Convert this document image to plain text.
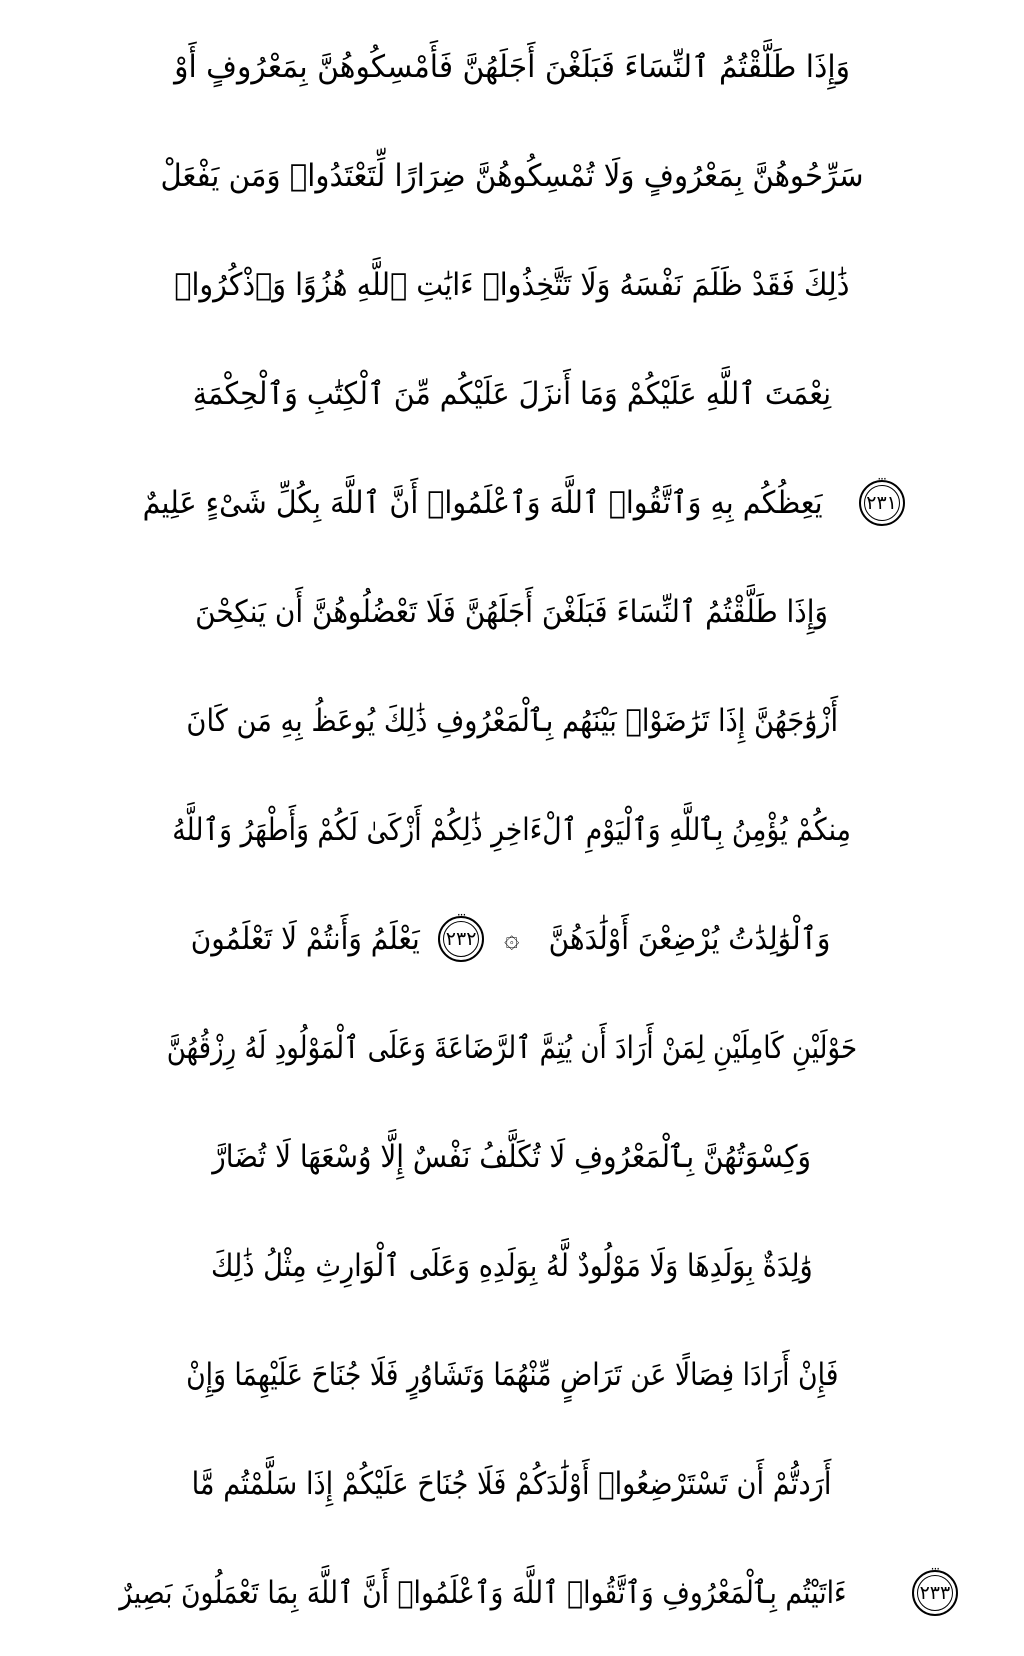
وَإِذَا طَلَّقْتُمُ ٱلنِّسَاءَ فَبَلَغْنَ أَجَلَهُنَّ فَأَمْسِكُوهُنَّ بِمَعْرُوفٍ أَوْ
سَرِّحُوهُنَّ بِمَعْرُوفٍ وَلَا تُمْسِكُوهُنَّ ضِرَارًا لِّتَعْتَدُوا۟ وَمَن يَفْعَلْ
ذَٰلِكَ فَقَدْ ظَلَمَ نَفْسَهُ وَلَا تَتَّخِذُوا۟ ءَايَٰتِ ٱللَّهِ هُزُوًا وَٱذْكُرُوا۟
نِعْمَتَ ٱللَّهِ عَلَيْكُمْ وَمَا أَنزَلَ عَلَيْكُم مِّنَ ٱلْكِتَٰبِ وَٱلْحِكْمَةِ
···
٢٣١
يَعِظُكُم بِهِ وَٱتَّقُوا۟ ٱللَّهَ وَٱعْلَمُوا۟ أَنَّ ٱللَّهَ بِكُلِّ شَىْءٍ عَلِيمٌ
وَإِذَا طَلَّقْتُمُ ٱلنِّسَاءَ فَبَلَغْنَ أَجَلَهُنَّ فَلَا تَعْضُلُوهُنَّ أَن يَنكِحْنَ
أَزْوَٰجَهُنَّ إِذَا تَرَٰضَوْا۟ بَيْنَهُم بِٱلْمَعْرُوفِ ذَٰلِكَ يُوعَظُ بِهِ مَن كَانَ
مِنكُمْ يُؤْمِنُ بِٱللَّهِ وَٱلْيَوْمِ ٱلْءَاخِرِ ذَٰلِكُمْ أَزْكَىٰ لَكُمْ وَأَطْهَرُ وَٱللَّهُ
وَٱلْوَٰلِدَٰتُ يُرْضِعْنَ أَوْلَٰدَهُنَّ
۞
···
٢٣٢
يَعْلَمُ وَأَنتُمْ لَا تَعْلَمُونَ
حَوْلَيْنِ كَامِلَيْنِ لِمَنْ أَرَادَ أَن يُتِمَّ ٱلرَّضَاعَةَ وَعَلَى ٱلْمَوْلُودِ لَهُ رِزْقُهُنَّ
وَكِسْوَتُهُنَّ بِٱلْمَعْرُوفِ لَا تُكَلَّفُ نَفْسٌ إِلَّا وُسْعَهَا لَا تُضَارَّ
وَٰلِدَةٌ بِوَلَدِهَا وَلَا مَوْلُودٌ لَّهُ بِوَلَدِهِ وَعَلَى ٱلْوَارِثِ مِثْلُ ذَٰلِكَ
فَإِنْ أَرَادَا فِصَالًا عَن تَرَاضٍ مِّنْهُمَا وَتَشَاوُرٍ فَلَا جُنَاحَ عَلَيْهِمَا وَإِنْ
أَرَدتُّمْ أَن تَسْتَرْضِعُوا۟ أَوْلَٰدَكُمْ فَلَا جُنَاحَ عَلَيْكُمْ إِذَا سَلَّمْتُم مَّا
···
٢٣٣
ءَاتَيْتُم بِٱلْمَعْرُوفِ وَٱتَّقُوا۟ ٱللَّهَ وَٱعْلَمُوا۟ أَنَّ ٱللَّهَ بِمَا تَعْمَلُونَ بَصِيرٌ
